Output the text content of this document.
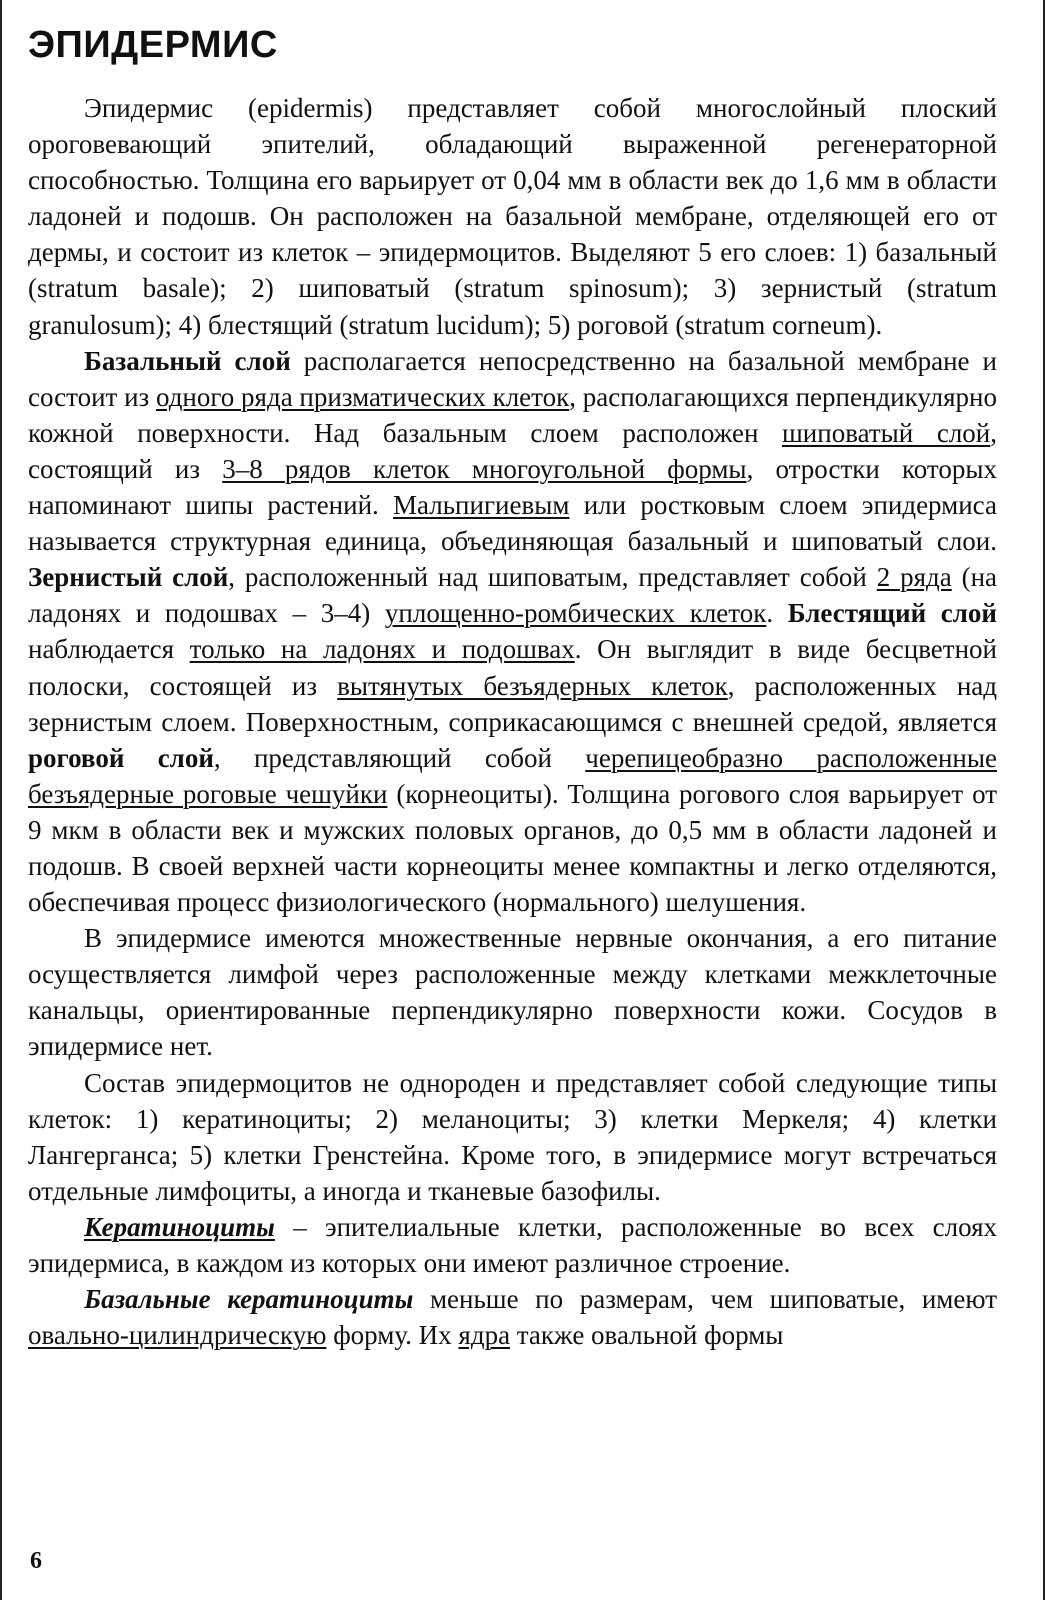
ЭПИДЕРМИС

Эпидермис (epidermis) представляет собой многослойный плоский ороговевающий эпителий, обладающий выраженной регенераторной способностью. Толщина его варьирует от 0,04 мм в области век до 1,6 мм в области ладоней и подошв. Он расположен на базальной мембране, отделяющей его от дермы, и состоит из клеток – эпидермоцитов. Выделяют 5 его слоев: 1) базальный (stratum basale); 2) шиповатый (stratum spinosum); 3) зернистый (stratum granulosum); 4) блестящий (stratum lucidum); 5) роговой (stratum corneum).

Базальный слой располагается непосредственно на базальной мембране и состоит из одного ряда призматических клеток, располагающихся перпендикулярно кожной поверхности. Над базальным слоем расположен шиповатый слой, состоящий из 3–8 рядов клеток многоугольной формы, отростки которых напоминают шипы растений. Мальпигиевым или ростковым слоем эпидермиса называется структурная единица, объединяющая базальный и шиповатый слои. Зернистый слой, расположенный над шиповатым, представляет собой 2 ряда (на ладонях и подошвах – 3–4) уплощенно-ромбических клеток. Блестящий слой наблюдается только на ладонях и подошвах. Он выглядит в виде бесцветной полоски, состоящей из вытянутых безъядерных клеток, расположенных над зернистым слоем. Поверхностным, соприкасающимся с внешней средой, является роговой слой, представляющий собой черепицеобразно расположенные безъядерные роговые чешуйки (корнеоциты). Толщина рогового слоя варьирует от 9 мкм в области век и мужских половых органов, до 0,5 мм в области ладоней и подошв. В своей верхней части корнеоциты менее компактны и легко отделяются, обеспечивая процесс физиологического (нормального) шелушения.

В эпидермисе имеются множественные нервные окончания, а его питание осуществляется лимфой через расположенные между клетками межклеточные канальцы, ориентированные перпендикулярно поверхности кожи. Сосудов в эпидермисе нет.

Состав эпидермоцитов не однороден и представляет собой следующие типы клеток: 1) кератиноциты; 2) меланоциты; 3) клетки Меркеля; 4) клетки Лангерганса; 5) клетки Гренстейна. Кроме того, в эпидермисе могут встречаться отдельные лимфоциты, а иногда и тканевые базофилы.

Кератиноциты – эпителиальные клетки, расположенные во всех слоях эпидермиса, в каждом из которых они имеют различное строение.

Базальные кератиноциты меньше по размерам, чем шиповатые, имеют овально-цилиндрическую форму. Их ядра также овальной формы

6
